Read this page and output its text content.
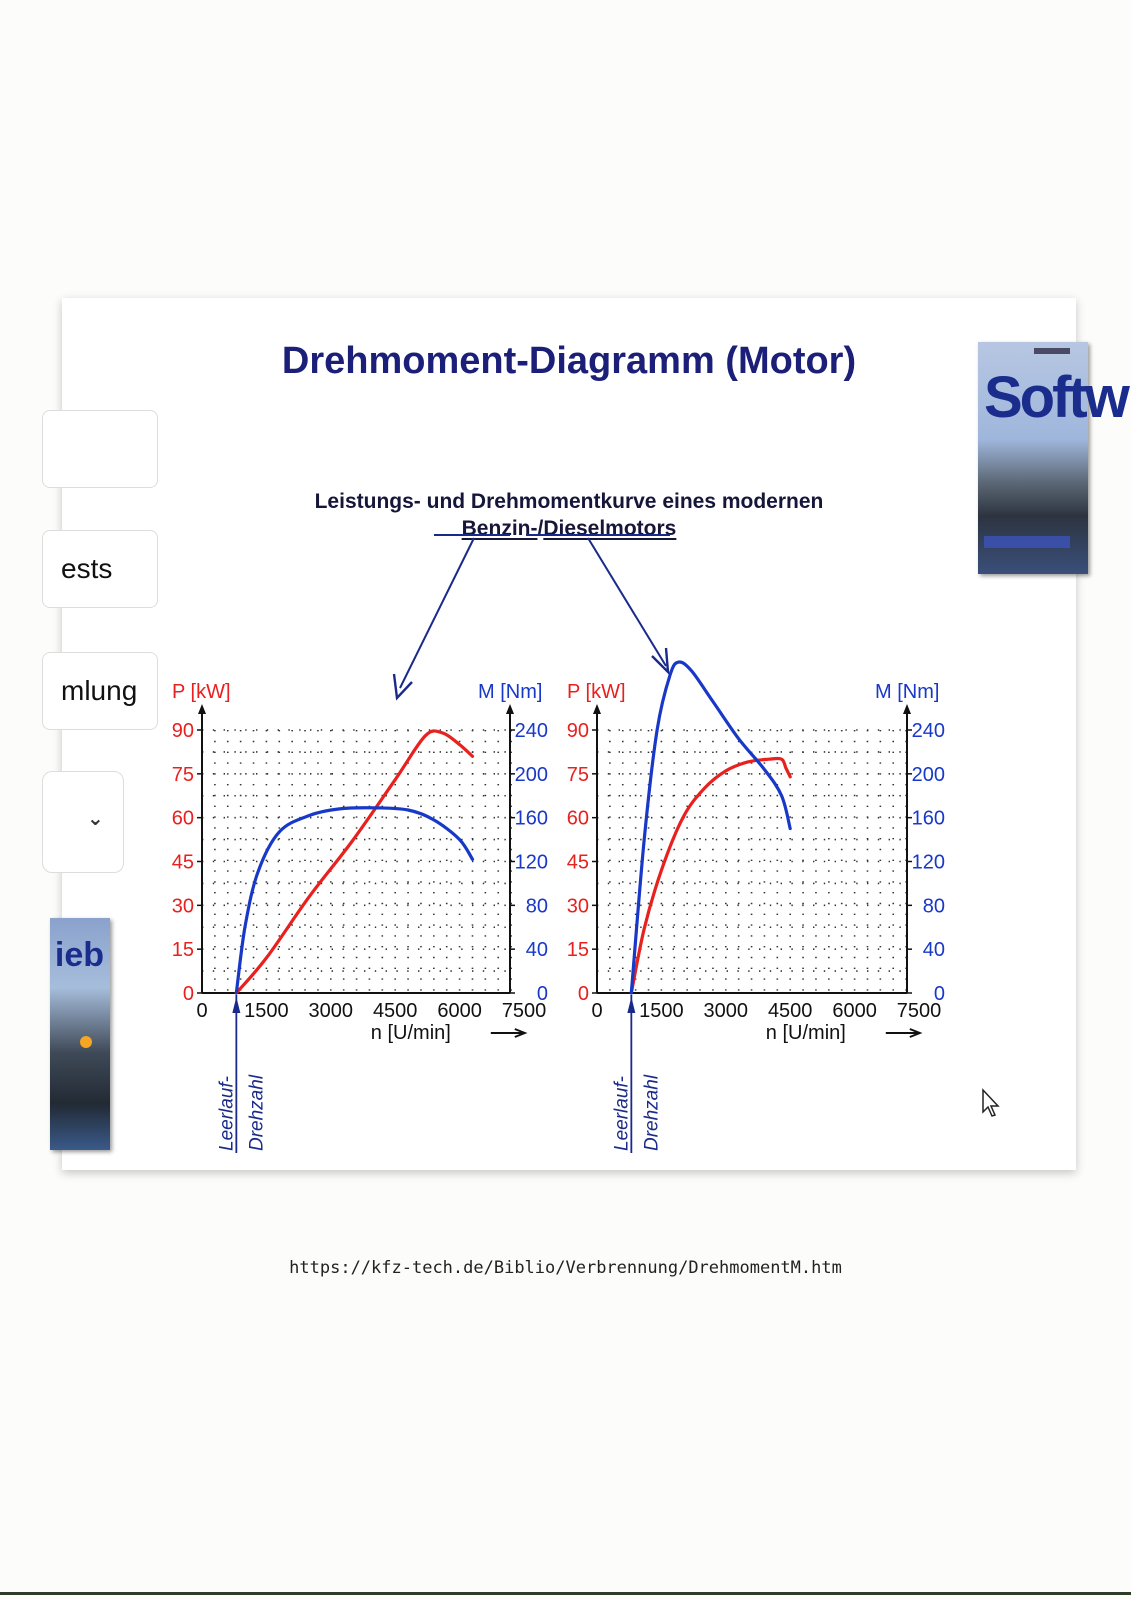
Drehmoment-Diagramm (Motor)
ests
mlung
⌄
ieb
Softw
Leistungs- und Drehmomentkurve eines modernen
Benzin-/Dieselmotors
P [kW]	M [Nm]
n [U/min]
0
15
30
45
60
75
90
0
40
80
120
160
200
240
0 1500 3000 4500 6000 7500
Leerlauf- Drehzahl
P [kW]	M [Nm]
n [U/min]
0
15
30
45
60
75
90
0
40
80
120
160
200
240
0 1500 3000 4500 6000 7500
Leerlauf- Drehzahl
https://kfz-tech.de/Biblio/Verbrennung/DrehmomentM.htm
